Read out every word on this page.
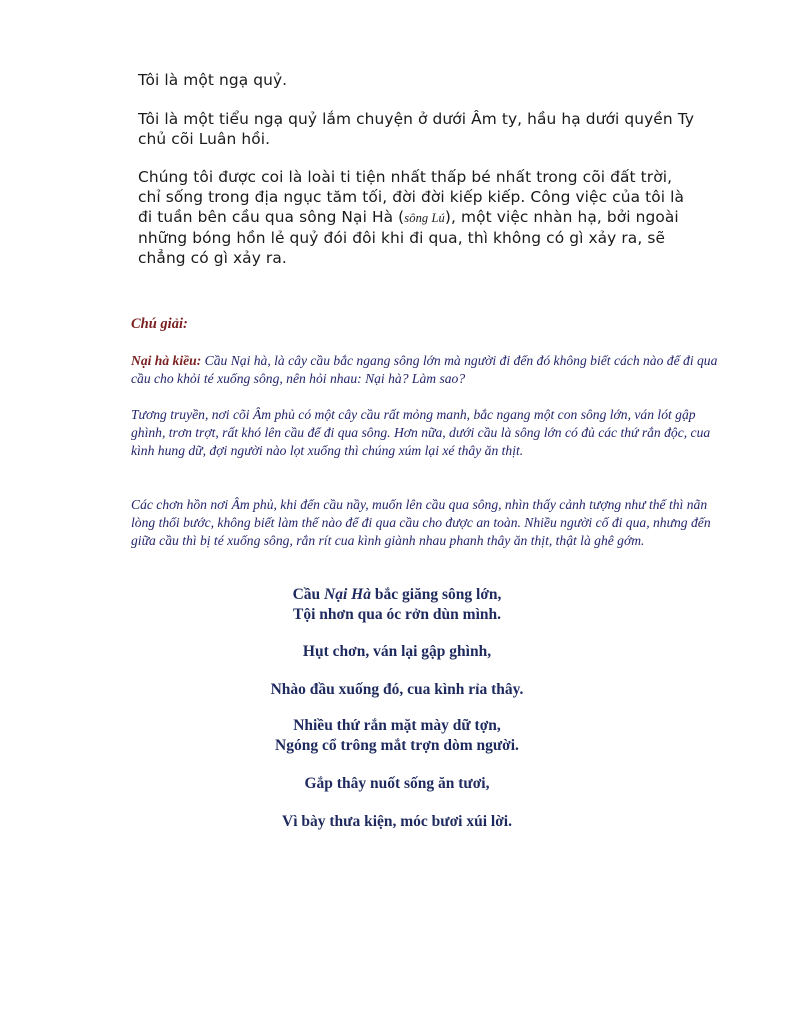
Tôi là một ngạ quỷ.
Tôi là một tiểu ngạ quỷ lắm chuyện ở dưới Âm ty, hầu hạ dưới quyền Ty chủ cõi Luân hồi.
Chúng tôi được coi là loài ti tiện nhất thấp bé nhất trong cõi đất trời, chỉ sống trong địa ngục tăm tối, đời đời kiếp kiếp. Công việc của tôi là đi tuần bên cầu qua sông Nại Hà (sông Lú), một việc nhàn hạ, bởi ngoài những bóng hồn lẻ quỷ đói đôi khi đi qua, thì không có gì xảy ra, sẽ chẳng có gì xảy ra.
Chú giải:
Nại hà kiều: Cầu Nại hà, là cây cầu bắc ngang sông lớn mà người đi đến đó không biết cách nào để đi qua cầu cho khỏi té xuống sông, nên hỏi nhau: Nại hà? Làm sao?
Tương truyền, nơi cõi Âm phủ có một cây cầu rất mỏng manh, bắc ngang một con sông lớn, ván lót gập ghình, trơn trợt, rất khó lên cầu để đi qua sông. Hơn nữa, dưới cầu là sông lớn có đủ các thứ rắn độc, cua kình hung dữ, đợi người nào lọt xuống thì chúng xúm lại xé thây ăn thịt.
Các chơn hồn nơi Âm phủ, khi đến cầu nầy, muốn lên cầu qua sông, nhìn thấy cảnh tượng như thế thì nãn lòng thối bước, không biết làm thế nào để đi qua cầu cho được an toàn. Nhiều người cố đi qua, nhưng đến giữa cầu thì bị té xuống sông, rắn rít cua kình giành nhau phanh thây ăn thịt, thật là ghê gớm.
Cầu Nại Hà bắc giăng sông lớn,
Tội nhơn qua óc rởn dùn mình.
Hụt chơn, ván lại gập ghình,
Nhào đầu xuống đó, cua kình rỉa thây.
Nhiều thứ rắn mặt mày dữ tợn,
Ngóng cổ trông mắt trợn dòm người.
Gắp thây nuốt sống ăn tươi,
Vì bày thưa kiện, móc bươi xúi lời.
